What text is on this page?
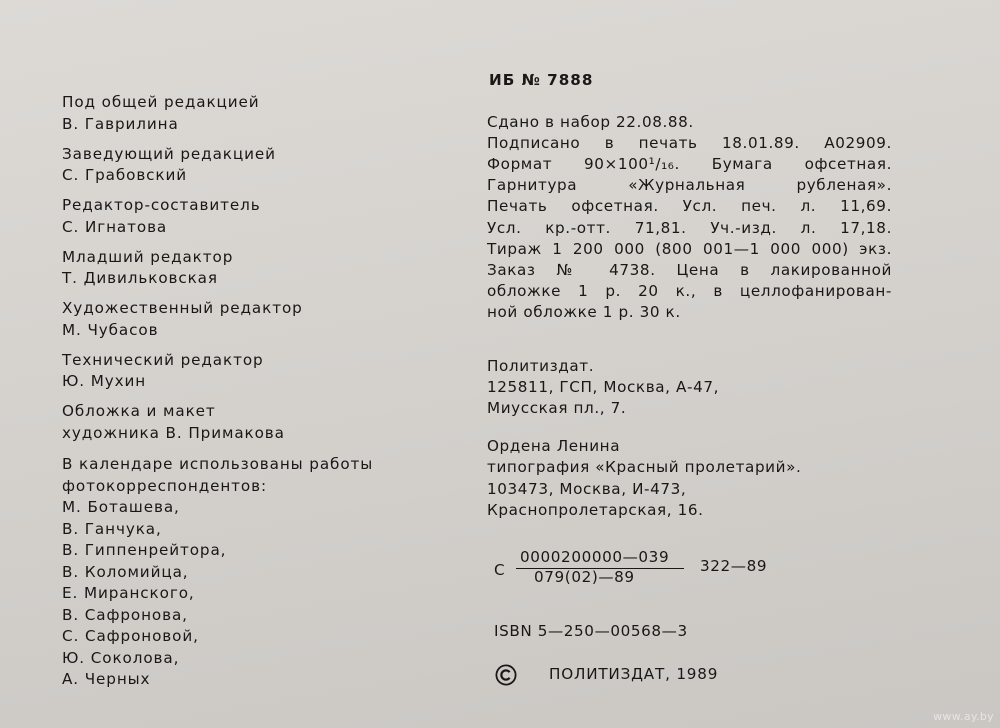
Под общей редакцией
В. Гаврилина
Заведующий редакцией
С. Грабовский
Редактор-составитель
С. Игнатова
Младший редактор
Т. Дивильковская
Художественный редактор
М. Чубасов
Технический редактор
Ю. Мухин
Обложка и макет
художника В. Примакова
В календаре использованы работы
фотокорреспондентов:
М. Боташева,
В. Ганчука,
В. Гиппенрейтора,
В. Коломийца,
Е. Миранского,
В. Сафронова,
С. Сафроновой,
Ю. Соколова,
А. Черных
ИБ № 7888
Сдано в набор 22.08.88.
Подписано в печать 18.01.89. А02909.
Формат 90×100¹/₁₆. Бумага офсетная.
Гарнитура «Журнальная рубленая».
Печать офсетная. Усл. печ. л. 11,69.
Усл. кр.-отт. 71,81. Уч.-изд. л. 17,18.
Тираж 1 200 000 (800 001—1 000 000) экз.
Заказ № 4738. Цена в лакированной
обложке 1 р. 20 к., в целлофанирован-
ной обложке 1 р. 30 к.
Политиздат.
125811, ГСП, Москва, А-47,
Миусская пл., 7.
Ордена Ленина
типография «Красный пролетарий».
103473, Москва, И-473,
Краснопролетарская, 16.
С
0000200000—039
079(02)—89
322—89
ISBN 5—250—00568—3
ПОЛИТИЗДАТ, 1989
www.ay.by
